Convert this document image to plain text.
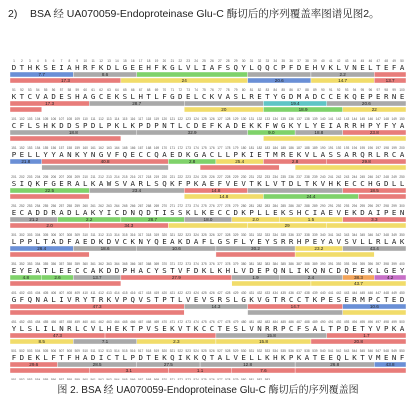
2) BSA 经 UA070059-Endoproteinase Glu-C 酶切后的序列覆盖率图谱见图2。
1 2 3 4 5 6 7 8 9 10 11 12 13 14 15 16 17 18 19 20 21 22 23 24 25 26 27 28 29 30 31 32 33 34 35 36 37 38 39 40 41 42 43 44 45 46 47 48 49 50
D T H K S E I A H R F K D L G E E H F K G L V L I A F S Q Y L Q Q C P F D E H V K L V N E L T E F A
7.7	8.6	2.2
17.3	24	20.6	14.7	13.7
51 52 53 54 55 56 57 58 59 60 61 62 63 64 65 66 67 68 69 70 71 72 73 74 75 76 77 78 79 80 81 82 83 84 85 86 87 88 89 90 91 92 93 94 95 96 97 98 99 100
K T C V A D E S H A G C E K S L H T L F G D E L C K V A S L R E T Y G D M A D C C E K Q E P E R N E
17.3	28.7	19.4	20.6
20	18.9	22
101 102 103 104 105 106 107 108 109 110 111 112 113 114 115 116 117 118 119 120 121 122 123 124 125 126 127 128 129 130 131 132 133 134 135 136 137 138 139 140 141 142 143 144 145 146 147 148 149 150
C F L S H K D D S P D L P K L K P D P N T L C D E F K A D E K K F W G K Y L Y E I A R R H P Y F Y A
18.8	32.9	9.0	18.8	23.8
151 152 153 154 155 156 157 158 159 160 161 162 163 164 165 166 167 168 169 170 171 172 173 174 175 176 177 178 179 180 181 182 183 184 185 186 187 188 189 190 191 192 193 194 195 196 197 198 199 200
P E L L Y Y A N K Y N G V F Q E C C Q A E D K G A C L L P K I E T M R E K V L A S S A R Q R L R C A
21.8	40.8	2.8	25.4	2.8	29.8
201 202 203 204 205 206 207 208 209 210 211 212 213 214 215 216 217 218 219 220 221 222 223 224 225 226 227 228 229 230 231 232 233 234 235 236 237 238 239 240 241 242 243 244 245 246 247 248 249 250
S I Q K F G E R A L K A W S V A R L S Q K F P K A E F V E V T K L V T D L T K V H K E C C H G D L L
22.5	23.4	14.8	18.5
14.8	24.4
251 252 253 254 255 256 257 258 259 260 261 262 263 264 265 266 267 268 269 270 271 272 273 274 275 276 277 278 279 280 281 282 283 284 285 286 287 288 289 290 291 292 293 294 295 296 297 298 299 300
E C A D D R A D L A K Y I C D N Q D T I S S K L K E C C D K P L L E K S H C I A E V E K D A I P E N
21.2	2.2	28.7	18.0	2.0	1.5	3.3
2.0	34.3	29
301 302 303 304 305 306 307 308 309 310 311 312 313 314 315 316 317 318 319 320 321 322 323 324 325 326 327 328 329 330 331 332 333 334 335 336 337 338 339 340 341 342 343 344 345 346 347 348 349 350
L P P L T A D F A E D K D V C K N Y Q E A K D A F L G S F L Y E Y S R R H P E Y A V S V L L R L A K
26.4	18.6	10.6	30.2	23.2	43.4
351 352 353 354 355 356 357 358 359 360 361 362 363 364 365 366 367 368 369 370 371 372 373 374 375 376 377 378 379 380 381 382 383 384 385 386 387 388 389 390 391 392 393 394 395 396 397 398 399 400
E Y E A T L E E C C A K D D P H A C Y S T V F D K L K H L V D E P Q N L I K Q N C D Q F E K L G E Y
4.8	2.6	13.7	27.9	1.9	2.4	38.3	4.2
43.7
401 402 403 404 405 406 407 408 409 410 411 412 413 414 415 416 417 418 419 420 421 422 423 424 425 426 427 428 429 430 431 432 433 434 435 436 437 438 439 440 441 442 443 444 445 446 447 448 449 450
G F Q N A L I V R Y T R K V P Q V S T P T L V E V S R S L G K V G T R C C T K P E S E R M P C T E D
47.3	14.3	14.7	10.6
451 452 453 454 455 456 457 458 459 460 461 462 463 464 465 466 467 468 469 470 471 472 473 474 475 476 477 478 479 480 481 482 483 484 485 486 487 488 489 490 491 492 493 494 495 496 497 498 499 500
Y L S L I L N R L C V L H E K T P V S E K V T K C C T E S L V N R R P C F S A L T P D E T Y V P K A
47.3	15.8	1.7
8.5	7.1	2.3	15.8	20.8
501 502 503 504 505 506 507 508 509 510 511 512 513 514 515 516 517 518 519 520 521 522 523 524 525 526 527 528 529 530 531 532 533 534 535 536 537 538 539 540 541 542 543 544 545 546 547 548 549 550
F D E K L F T F H A D I C T L P D T E K Q I K K Q T A L V E L L K H K P K A T E E Q L K T V M E N F
29.6	28.5	27.5	12.8	26.8	43.8
3.1	1.1	7.6
551 552 553 554 555 556 557 558 559 560 561 562 563 564 565 566 567 568 569 570 571 572 573 574 575 576 577 578 579 580 581 582 583
图 2. BSA 经 UA070059-Endoproteinase Glu-C 酶切后的序列覆盖图
